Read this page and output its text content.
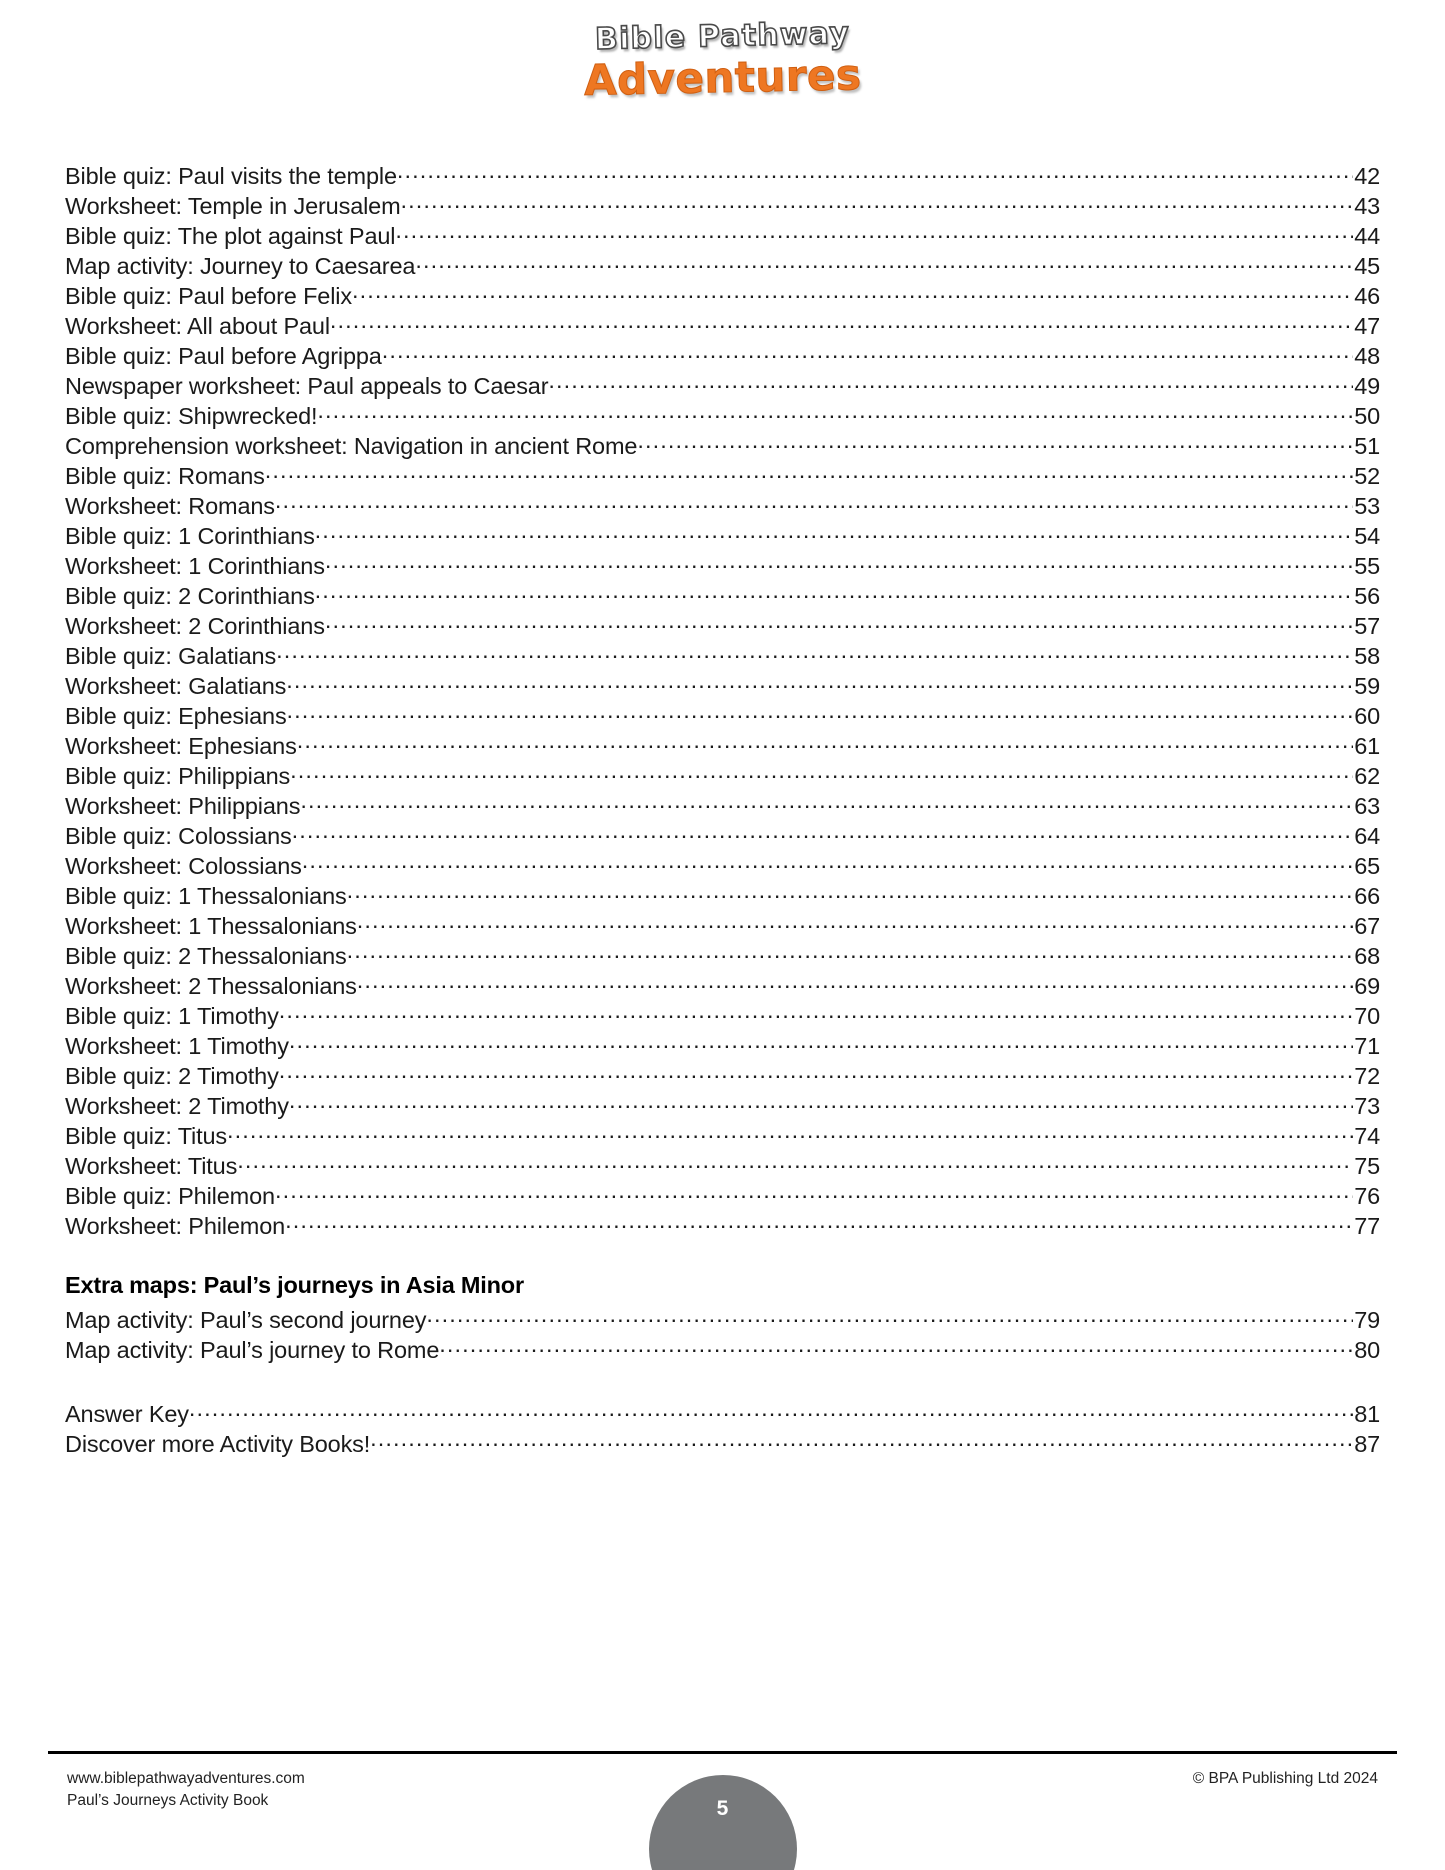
Bible Pathway
Adventures
Bible quiz: Paul visits the temple .....	42
Worksheet: Temple in Jerusalem .....	43
Bible quiz: The plot against Paul .....	44
Map activity: Journey to Caesarea .....	45
Bible quiz: Paul before Felix .....	46
Worksheet: All about Paul .....	47
Bible quiz: Paul before Agrippa .....	48
Newspaper worksheet: Paul appeals to Caesar .....	49
Bible quiz: Shipwrecked! .....	50
Comprehension worksheet: Navigation in ancient Rome .....	51
Bible quiz: Romans .....	52
Worksheet: Romans .....	53
Bible quiz: 1 Corinthians .....	54
Worksheet: 1 Corinthians .....	55
Bible quiz: 2 Corinthians .....	56
Worksheet: 2 Corinthians .....	57
Bible quiz: Galatians .....	58
Worksheet: Galatians .....	59
Bible quiz: Ephesians .....	60
Worksheet: Ephesians .....	61
Bible quiz: Philippians .....	62
Worksheet: Philippians .....	63
Bible quiz: Colossians .....	64
Worksheet: Colossians .....	65
Bible quiz: 1 Thessalonians .....	66
Worksheet: 1 Thessalonians .....	67
Bible quiz: 2 Thessalonians .....	68
Worksheet: 2 Thessalonians .....	69
Bible quiz: 1 Timothy .....	70
Worksheet: 1 Timothy .....	71
Bible quiz: 2 Timothy .....	72
Worksheet: 2 Timothy .....	73
Bible quiz: Titus .....	74
Worksheet: Titus .....	75
Bible quiz: Philemon .....	76
Worksheet: Philemon .....	77
Extra maps: Paul’s journeys in Asia Minor
Map activity: Paul’s second journey .....	79
Map activity: Paul’s journey to Rome .....	80
Answer Key .....	81
Discover more Activity Books! .....	87
www.biblepathwayadventures.com
Paul’s Journeys Activity Book
© BPA Publishing Ltd 2024
5
